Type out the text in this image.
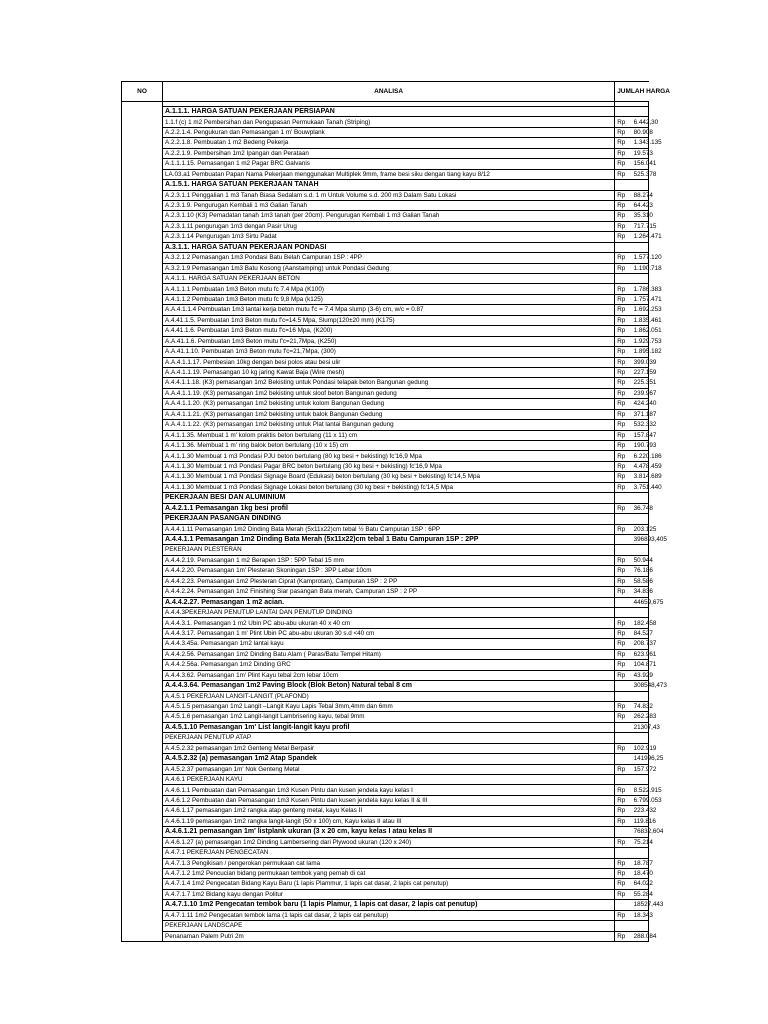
NO	ANALISA	JUMLAH HARGA	

	A.1.1.1. HARGA SATUAN PEKERJAAN PERSIAPAN		
	1.1.f (c) 1 m2 Pembersihan dan Pengupasan Permukaan Tanah (Striping)	Rp	6.442,30
	A.2.2.1.4. Pengukuran dan Pemasangan 1 m' Bouwplank	Rp	80.908
	A.2.2.1.8. Pembuatan 1 m2 Bedeng Pekerja	Rp	1.343.135
	A.2.2.1.9. Pembersihan 1m2 Ipangan dan Perataan	Rp	19.573
	A.1.1.1.15. Pemasangan 1 m2 Pagar BRC Galvanis	Rp	156.041
	LA.03.a1 Pembuatan Papan Nama Pekerjaan menggunakan Multiplek 9mm, frame besi siku dengan tiang kayu 8/12	Rp	525.378
	A.1.5.1. HARGA SATUAN PEKERJAAN TANAH		
	A.2.3.1.1 Penggalian 1 m3 Tanah Biasa Sedalam s.d. 1 m Untuk Volume s.d. 200 m3 Dalam Satu Lokasi	Rp	88.274
	A.2.3.1.9. Pengurugan Kembali 1 m3 Galian Tanah	Rp	64.423
	A.2.3.1.10 (K3) Pemadatan tanah 1m3 tanah (per 20cm). Pengurugan Kembali 1 m3 Galian Tanah	Rp	35.310
	A.2.3.1.11 pengurugan 1m3 dengan Pasir Urug	Rp	717.715
	A.2.3.1.14 Pengurugan 1m3 Sirtu Padat	Rp	1.264.471
	A.3.1.1. HARGA SATUAN PEKERJAAN PONDASI		
	A.3.2.1.2 Pemasangan 1m3 Pondasi Batu Belah Campuran 1SP : 4PP	Rp	1.577.120
	A.3.2.1.9 Pemasangan 1m3 Batu Kosong (Aanstamping) untuk Pondasi Gedung	Rp	1.190.718
	A.4.1.1. HARGA SATUAN PEKERJAAN BETON		
	A.4.1.1.1 Pembuatan 1m3 Beton mutu fc 7.4 Mpa (K100)	Rp	1.786.383
	A.4.1.1.2 Pembuatan 1m3 Beton mutu fc 9,8 Mpa (k125)	Rp	1.757.471
	A.A.4.1.1.4 Pembuatan 1m3 lantai kerja beton mutu f'c = 7.4 Mpa slump (3-6) cm, w/c = 0.87	Rp	1.692.253
	A.4.41.1.5. Pembuatan 1m3 Beton mutu f'c=14.5 Mpa, Slump(120±20 mm) (K175)	Rp	1.835.461
	A.4.41.1.6. Pembuatan 1m3 Beton mutu f'c=16 Mpa, (K200)	Rp	1.862.051
	A.A.41.1.6. Pembuatan 1m3 Beton mutu f'c=21,7Mpa, (K250)	Rp	1.929.753
	A.A.41.1.10. Pembuatan 1m3 Beton mutu f'c=21,7Mpa, (300)	Rp	1.895.182
	A.A.4.1.1.17. Pembesian 10kg dengan besi polos atau besi ulir	Rp	399.039
	A.A.4.1.1.19. Pemasangan 10 kg jaring Kawat Baja (Wire mesh)	Rp	227.159
	A.4.4.1.1.18. (K3) pemasangan 1m2 Bekisting untuk Pondasi telapak beton Bangunan gedung	Rp	225.351
	A.A.4.1.1.19. (K3) pemasangan 1m2 bekisting untuk sloof beton Bangunan gedung	Rp	239.967
	A.A.4.1.1.20. (K3) pemasangan 1m2 bekisting untuk kolom Bangunan Gedung	Rp	424.240
	A.A.4.1.1.21. (K3) pemasangan 1m2 bekisting untuk balok Bangunan Gedung	Rp	371.187
	A.A.4.1.1.22. (K3) pemasangan 1m2 bekisting untuk Plat lantai Bangunan gedung	Rp	532.332
	A.4.1.1.35. Membuat 1 m' kolom praktis beton bertulang (11 x 11) cm	Rp	157.847
	A.4.1.1.36. Membuat 1 m' ring balok beton bertulang (10 x 15) cm	Rp	190.793
	A.4.1.1.30 Membuat 1 m3 Pondasi PJU beton bertulang (80 kg besi + bekisting) fc'16,9 Mpa	Rp	6.220.186
	A.4.1.1.30 Membuat 1 m3 Pondasi Pagar BRC beton bertulang (30 kg besi + bekisting) fc'16,9 Mpa	Rp	4.478.459
	A.4.1.1.30 Membuat 1 m3 Pondasi Signage Board (Edukasi) beton bertulang (30 kg besi + bekisting) fc'14,5 Mpa	Rp	3.814.689
	A.4.1.1.30 Membuat 1 m3 Pondasi Signage Lokasi beton bertulang (30 kg besi + bekisting) fc'14,5 Mpa	Rp	3.751.440
	PEKERJAAN BESI DAN ALUMINIUM		
	A.4.2.1.1 Pemasangan 1kg besi profil	Rp	36.748
	PEKERJAAN PASANGAN DINDING		
	A.4.4.1.11 Pemasangan 1m2 Dinding Bata Merah (5x11x22)cm tebal ½ Batu Campuran 1SP : 6PP	Rp	203.125
	A.4.4.1.1 Pemasangan 1m2 Dinding Bata Merah (5x11x22)cm tebal 1 Batu Campuran 1SP : 2PP		396893,405
	PEKERJAAN PLESTERAN		
	A.4.4.2.19. Pemasangan 1 m2 Berapen 1SP : 5PP Tebal 15 mm	Rp	50.944
	A.4.4.2.20. Pemasangan 1m' Plesteran Skoningan 1SP : 3PP Lebar 10cm	Rp	76.186
	A.4.4.2.23. Pemasangan 1m2 Plesteran Ciprat (Kamprotan), Campuran 1SP : 2 PP	Rp	58.586
	A.4.4.2.24. Pemasangan 1m2 Finishing Siar pasangan Bata merah, Campuran 1SP : 2 PP	Rp	34.836
	A.4.4.2.27. Pemasangan 1 m2 acian.		44659,675
	A.4.4.3PEKERJAAN PENUTUP LANTAI DAN PENUTUP DINDING		
	A.4.4.3.1. Pemasangan 1 m2 Ubin PC abu-abu ukuran 40 x 40 cm	Rp	182.458
	A.4.4.3.17. Pemasangan 1 m' Plint Ubin PC abu-abu ukuran 30 s.d <40 cm	Rp	84.527
	A.4.4.3.45a. Pemasangan 1m2 lantai kayu	Rp	208.737
	A.4.4.2.56. Pemasangan 1m2 Dinding Batu Alam ( Paras/Batu Tempel Hitam)	Rp	623.961
	A.4.4.2.56a. Pemasangan 1m2 Dinding GRC	Rp	104.871
	A.4.4.3.62. Pemasangan 1m' Plint Kayu tebal 2cm lebar 10cm	Rp	43.929
	A.4.4.3.64. Pemasangan 1m2 Paving Block (Blok Beton) Natural tebal 8 cm		308548,473
	A.4.5.1 PEKERJAAN LANGIT-LANGIT (PLAFOND)		
	A.4.5.1.5 pemasangan 1m2 Langit –Langit Kayu Lapis Tebal 3mm,4mm dan 6mm	Rp	74.832
	A.4.5.1.6 pemasangan 1m2 Langit-langit Lambrisering kayu, tebal 9mm	Rp	262.283
	A.4.5.1.10 Pemasangan 1m' List langit-langit kayu profil		21307,43
	PEKERJAAN PENUTUP ATAP		
	A.4.5.2.32 pemasangan 1m2 Genteng Metal Berpasir	Rp	102.919
	A.4.5.2.32 (a) pemasangan 1m2 Atap Spandek		141996,25
	A.4.5.2.37 pemasangan 1m' Nok Genteng Metal	Rp	157.972
	A.4.6.1 PEKERJAAN KAYU		
	A.4.6.1.1 Pembuatan dan Pemasangan 1m3 Kusen Pintu dan kusen jendela kayu kelas I	Rp	8.522.915
	A.4.6.1.2 Pembuatan dan Pemasangan 1m3 Kusen Pintu dan kusen jendela kayu kelas II & III	Rp	6.799.053
	A.4.6.1.17 pemasangan 1m2 rangka atap genteng metal, kayu Kelas II	Rp	223.432
	A.4.6.1.19 pemasangan 1m2 rangka langit-langit (50 x 100) cm, Kayu kelas II atau III	Rp	119.816
	A.4.6.1.21 pemasangan 1m' listplank ukuran (3 x 20 cm, kayu kelas I atau kelas II		76832,604
	A.4.6.1.27 (a) pemasangan 1m2 Dinding Lambersering dari Plywood ukuran (120 x 240)	Rp	75.214
	A.4.7.1 PEKERJAAN PENGECATAN		
	A.4.7.1.3 Pengikisan / pengerokan permukaan cat lama	Rp	18.787
	A.4.7.1.2 1m2 Pencucian bidang permukaan tembok yang pernah di cat	Rp	18.470
	A.4.7.1.4 1m2 Pengecatan Bidang Kayu Baru (1 lapis Plammur, 1 lapis cat dasar, 2 lapis cat penutup)	Rp	64.022
	A.4.7.1.7 1m2 Bidang kayu dengan Politur	Rp	55.284
	A.4.7.1.10 1m2 Pengecatan tembok baru (1 lapis Plamur, 1 lapis cat dasar, 2 lapis cat penutup)		18527,443
	A.4.7.1.11 1m2 Pengecatan tembok lama (1 lapis cat dasar, 2 lapis cat penutup)	Rp	18.343
	PEKERJAAN LANDSCAPE		
	Penanaman Palem Putri 2m	Rp	288.084
